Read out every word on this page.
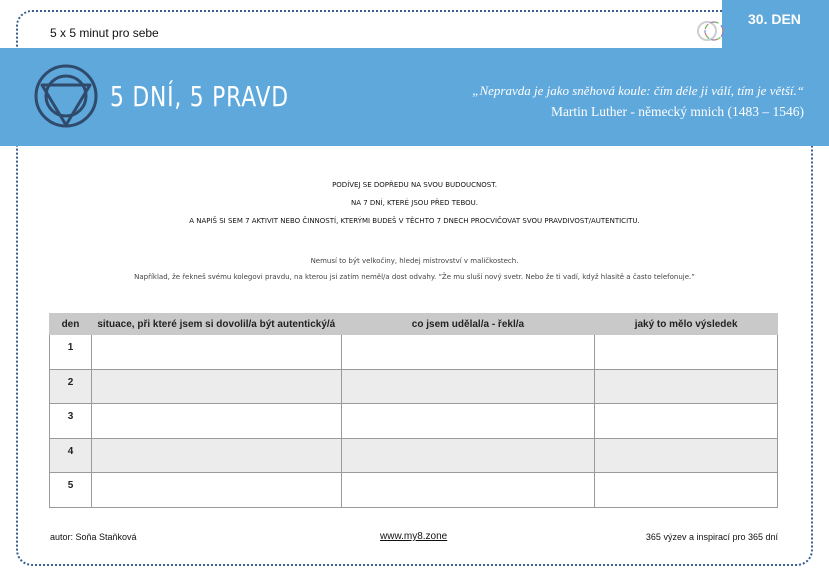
5 x 5 minut pro sebe
30. DEN
5 DNÍ, 5 PRAVD	„Nepravda je jako sněhová koule: čím déle ji válí, tím je větší.“
Martin Luther - německý mnich (1483 – 1546)
PODÍVEJ SE DOPŘEDU NA SVOU BUDOUCNOST.
NA 7 DNÍ, KTERÉ JSOU PŘED TEBOU.
A NAPIŠ SI SEM 7 AKTIVIT NEBO ČINNOSTÍ, KTERÝMI BUDEŠ V TĚCHTO 7 DNECH PROCVIČOVAT SVOU PRAVDIVOST/AUTENTICITU.
Nemusí to být velkočiny, hledej mistrovství v maličkostech.
Například, že řekneš svému kolegovi pravdu, na kterou jsi zatím neměl/a dost odvahy. “Že mu sluší nový svetr. Nebo že ti vadí, když hlasitě a často telefonuje.”
den	situace, při které jsem si dovolil/a být autentický/á	co jsem udělal/a - řekl/a	jaký to mělo výsledek
1			
2			
3			
4			
5			
autor: Soňa Staňková	www.my8.zone	365 výzev a inspirací pro 365 dní
